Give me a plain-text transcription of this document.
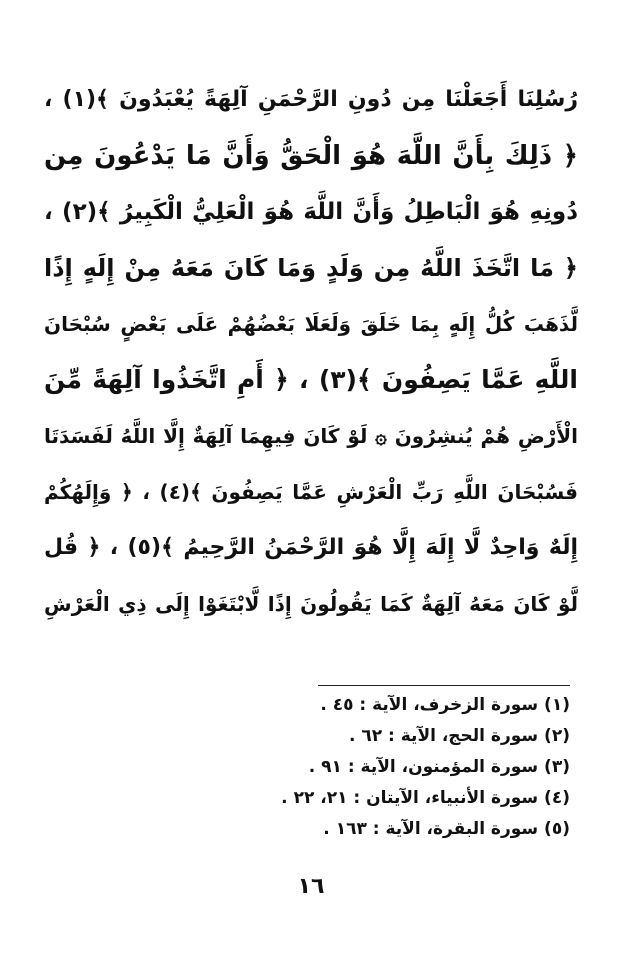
رُسُلِنَا أَجَعَلْنَا مِن دُونِ الرَّحْمَنِ آلِهَةً يُعْبَدُونَ ﴾(١) ،
﴿ ذَلِكَ بِأَنَّ اللَّهَ هُوَ الْحَقُّ وَأَنَّ مَا يَدْعُونَ مِن
دُونِهِ هُوَ الْبَاطِلُ وَأَنَّ اللَّهَ هُوَ الْعَلِيُّ الْكَبِيرُ ﴾(٢) ،
﴿ مَا اتَّخَذَ اللَّهُ مِن وَلَدٍ وَمَا كَانَ مَعَهُ مِنْ إِلَهٍ إِذًا
لَّذَهَبَ كُلُّ إِلَهٍ بِمَا خَلَقَ وَلَعَلَا بَعْضُهُمْ عَلَى بَعْضٍ سُبْحَانَ
اللَّهِ عَمَّا يَصِفُونَ ﴾(٣) ، ﴿ أَمِ اتَّخَذُوا آلِهَةً مِّنَ
الْأَرْضِ هُمْ يُنشِرُونَ ۞ لَوْ كَانَ فِيهِمَا آلِهَةٌ إِلَّا اللَّهُ لَفَسَدَتَا
فَسُبْحَانَ اللَّهِ رَبِّ الْعَرْشِ عَمَّا يَصِفُونَ ﴾(٤) ، ﴿ وَإِلَهُكُمْ
إِلَهٌ وَاحِدٌ لَّا إِلَهَ إِلَّا هُوَ الرَّحْمَنُ الرَّحِيمُ ﴾(٥) ، ﴿ قُل
لَّوْ كَانَ مَعَهُ آلِهَةٌ كَمَا يَقُولُونَ إِذًا لَّابْتَغَوْا إِلَى ذِي الْعَرْشِ
(١) سورة الزخرف، الآية : ٤٥ .
(٢) سورة الحج، الآية : ٦٢ .
(٣) سورة المؤمنون، الآية : ٩١ .
(٤) سورة الأنبياء، الآيتان : ٢١، ٢٢ .
(٥) سورة البقرة، الآية : ١٦٣ .
١٦
